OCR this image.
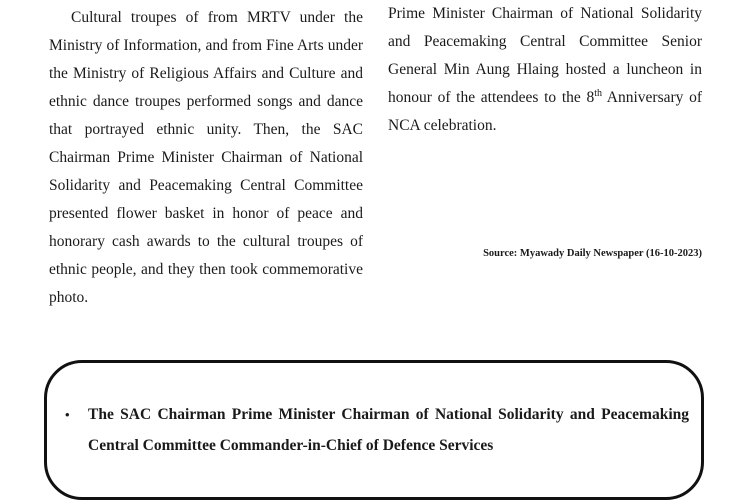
Cultural troupes of from MRTV under the Ministry of Information, and from Fine Arts under the Ministry of Religious Affairs and Culture and ethnic dance troupes performed songs and dance that portrayed ethnic unity. Then, the SAC Chairman Prime Minister Chairman of National Solidarity and Peacemaking Central Committee presented flower basket in honor of peace and honorary cash awards to the cultural troupes of ethnic people, and they then took commemorative photo.

Prime Minister Chairman of National Solidarity and Peacemaking Central Committee Senior General Min Aung Hlaing hosted a luncheon in honour of the attendees to the 8th Anniversary of NCA celebration.

Source: Myawady Daily Newspaper (16-10-2023)
• The SAC Chairman Prime Minister Chairman of National Solidarity and Peacemaking Central Committee Commander-in-Chief of Defence Services
